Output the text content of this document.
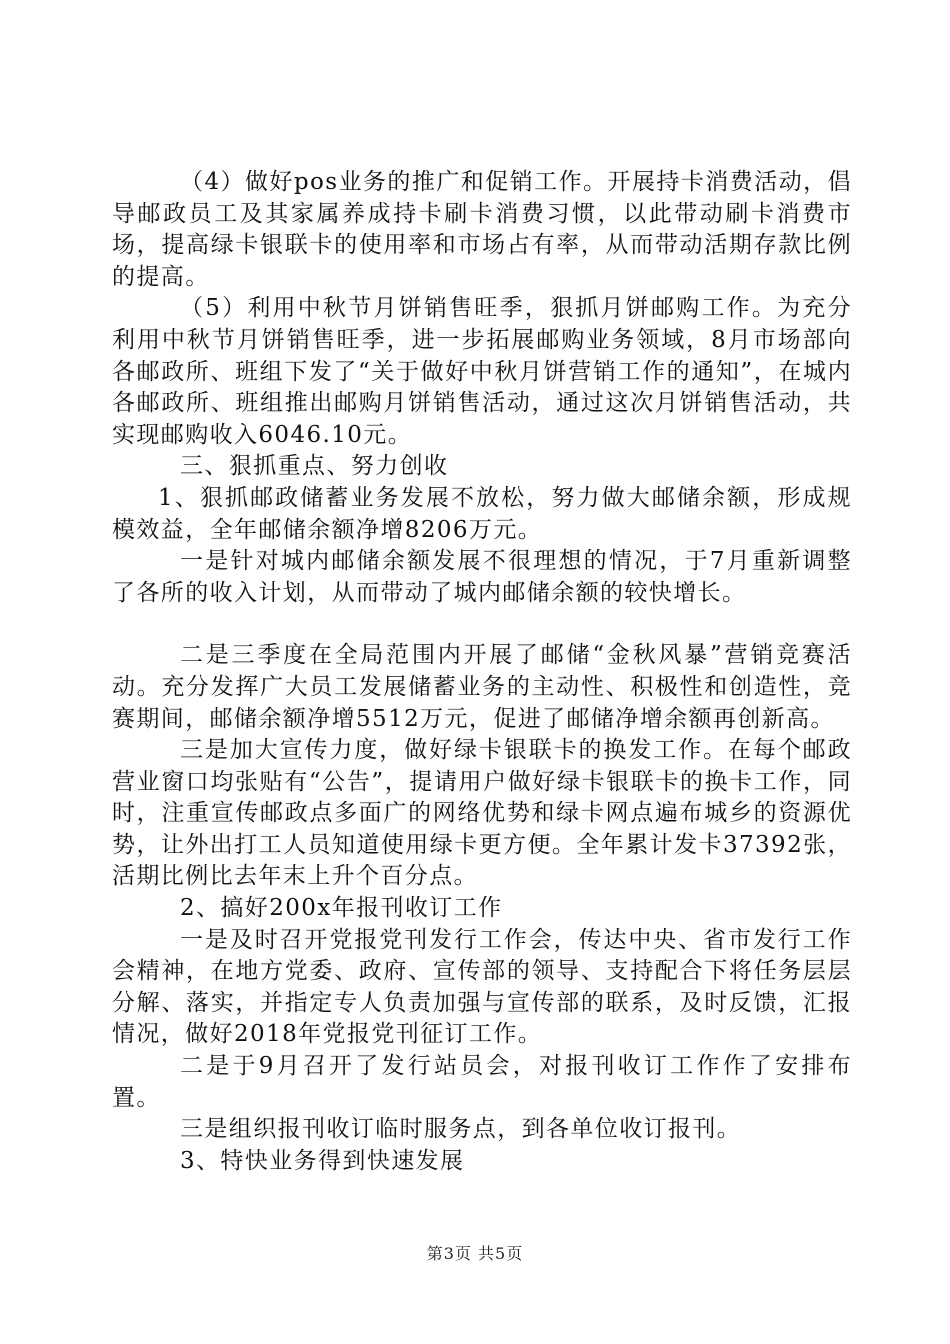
（4）做好pos业务的推广和促销工作。开展持卡消费活动，倡导邮政员工及其家属养成持卡刷卡消费习惯，以此带动刷卡消费市场，提高绿卡银联卡的使用率和市场占有率，从而带动活期存款比例的提高。

（5）利用中秋节月饼销售旺季，狠抓月饼邮购工作。为充分利用中秋节月饼销售旺季，进一步拓展邮购业务领域，8月市场部向各邮政所、班组下发了“关于做好中秋月饼营销工作的通知”，在城内各邮政所、班组推出邮购月饼销售活动，通过这次月饼销售活动，共实现邮购收入6046.10元。

三、狠抓重点、努力创收

1、狠抓邮政储蓄业务发展不放松，努力做大邮储余额，形成规模效益，全年邮储余额净增8206万元。

一是针对城内邮储余额发展不很理想的情况，于7月重新调整了各所的收入计划，从而带动了城内邮储余额的较快增长。

二是三季度在全局范围内开展了邮储“金秋风暴”营销竞赛活动。充分发挥广大员工发展储蓄业务的主动性、积极性和创造性，竞赛期间，邮储余额净增5512万元，促进了邮储净增余额再创新高。

三是加大宣传力度，做好绿卡银联卡的换发工作。在每个邮政营业窗口均张贴有“公告”，提请用户做好绿卡银联卡的换卡工作，同时，注重宣传邮政点多面广的网络优势和绿卡网点遍布城乡的资源优势，让外出打工人员知道使用绿卡更方便。全年累计发卡37392张，活期比例比去年末上升个百分点。

2、搞好200x年报刊收订工作

一是及时召开党报党刊发行工作会，传达中央、省市发行工作会精神，在地方党委、政府、宣传部的领导、支持配合下将任务层层分解、落实，并指定专人负责加强与宣传部的联系，及时反馈，汇报情况，做好2018年党报党刊征订工作。

二是于9月召开了发行站员会，对报刊收订工作作了安排布置。

三是组织报刊收订临时服务点，到各单位收订报刊。

3、特快业务得到快速发展

第3页 共5页
